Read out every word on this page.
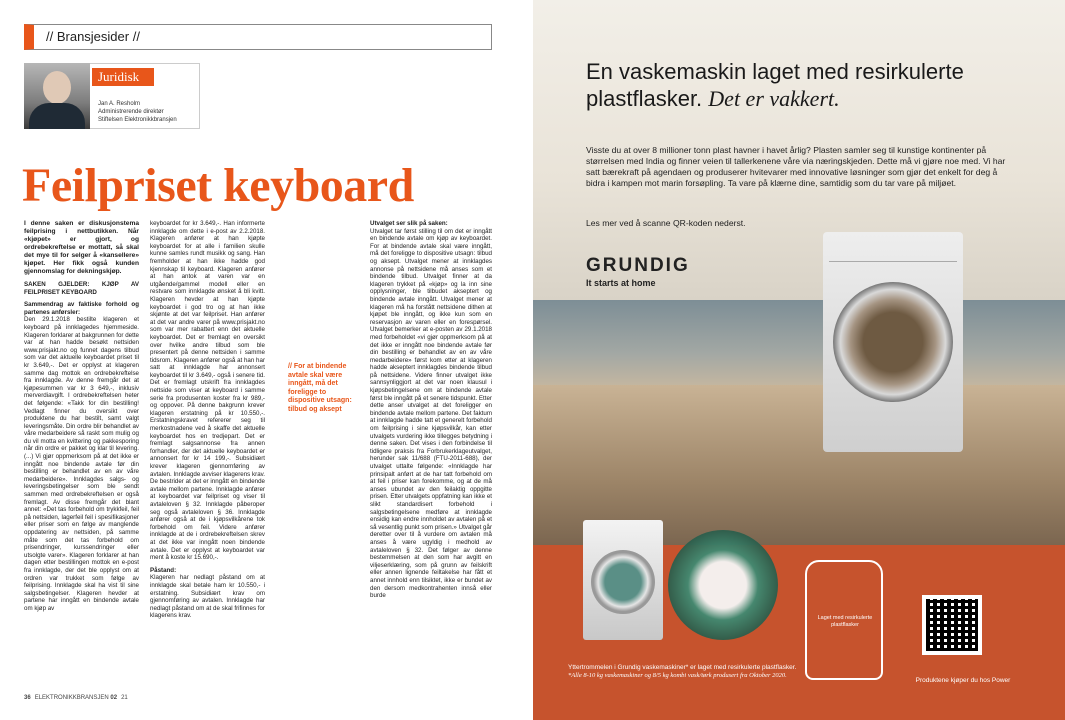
// Bransjesider //
Juridisk
Jan A. Resholm
Administrerende direktør
Stiftelsen Elektronikkbransjen
Feilpriset keyboard

I denne saken er diskusjonstema feilprising i nettbutikken. Når «kjøpet» er gjort, og ordrebekreftelse er mottatt, så skal det mye til for selger å «kansellere» kjøpet. Her fikk også kunden gjennomslag for dekningskjøp.

SAKEN GJELDER: KJØP AV FEILPRISET KEYBOARD

Sammendrag av faktiske forhold og partenes anførsler:

Den 29.1.2018 bestilte klageren et keyboard på innklagedes hjemmeside. Klageren forklarer at bakgrunnen for dette var at han hadde besøkt nettsiden www.prisjakt.no og funnet dagens tilbud som var det aktuelle keyboardet priset til kr 3.649,-. Det er opplyst at klageren samme dag mottok en ordrebekreftelse fra innklagde. Av denne fremgår det at kjøpesummen var kr 3 649,-, inklusiv merverdiavgift. I ordrebekreftelsen heter det følgende: «Takk for din bestilling! Vedlagt finner du oversikt over produktene du har bestilt, samt valgt leveringsmåte. Din ordre blir behandlet av våre medarbeidere så raskt som mulig og du vil motta en kvittering og pakkesporing når din ordre er pakket og klar til levering. (...) Vi gjør oppmerksom på at det ikke er inngått noe bindende avtale før din bestilling er behandlet av en av våre medarbeidere». Innklagdes salgs- og leveringsbetingelser som ble sendt sammen med ordrebekreftelsen er også fremlagt. Av disse fremgår det blant annet: «Det tas forbehold om trykkfeil, feil på nettsiden, lagerfeil feil i spesifikasjoner eller priser som en følge av manglende oppdatering av nettsiden, på samme måte som det tas forbehold om prisendringer, kurssendringer eller utsolgte varer». Klageren forklarer at han dagen etter bestillingen mottok en e-post fra innklagde, der det ble opplyst om at ordren var trukket som følge av feilprising. Innklagde skal ha vist til sine salgsbetingelser. Klageren hevder at partene har inngått en bindende avtale om kjøp av

keyboardet for kr 3.649,-. Han informerte innklagde om dette i e-post av 2.2.2018. Klageren anfører at han kjøpte keyboardet for at alle i familien skulle kunne samles rundt musikk og sang. Han fremholder at han ikke hadde god kjennskap til keyboard. Klageren anfører at han antok at varen var en utgående/gammel modell eller en restvare som innklagde ønsket å bli kvitt. Klageren hevder at han kjøpte keyboardet i god tro og at han ikke skjønte at det var feilpriset. Han anfører at det var andre varer på www.prisjakt.no som var mer rabattert enn det aktuelle keyboardet. Det er fremlagt en oversikt over hvilke andre tilbud som ble presentert på denne nettsiden i samme tidsrom. Klageren anfører også at han har satt at innklagde har annonsert keyboardet til kr 3.649,- også i senere tid. Det er fremlagt utskrift fra innklagdes nettside som viser at keyboard i samme serie fra produsenten koster fra kr 989,- og oppover. På denne bakgrunn krever klageren erstatning på kr 10.550,-. Erstatningskravet refererer seg til merkostnadene ved å skaffe det aktuelle keyboardet hos en tredjepart. Det er fremlagt salgsannonse fra annen forhandler, der det aktuelle keyboardet er annonsert for kr 14 199,-. Subsidiært krever klageren gjennomføring av avtalen. Innklagde avviser klagerens krav. De bestrider at det er inngått en bindende avtale mellom partene. Innklagde anfører at keyboardet var feilpriset og viser til avtaleloven § 32. Innklagde påberoper seg også avtaleloven § 36. Innklagde anfører også at de i kjøpsvilkårene tok forbehold om feil. Videre anfører innklagde at de i ordrebekreftelsen skrev at det ikke var inngått noen bindende avtale. Det er opplyst at keyboardet var ment å koste kr 15.690,-.

Påstand:

Klageren har nedlagt påstand om at innklagde skal betale ham kr 10.550,- i erstatning. Subsidiært krav om gjennomføring av avtalen. Innklagde har nedlagt påstand om at de skal frifinnes for klagerens krav.

// For at bindende avtale skal være inngått, må det foreligge to dispositive utsagn: tilbud og aksept

Utvalget ser slik på saken:

Utvalget tar først stilling til om det er inngått en bindende avtale om kjøp av keyboardet. For at bindende avtale skal være inngått, må det foreligge to dispositive utsagn: tilbud og aksept. Utvalget mener at innklagdes annonse på nettsidene må anses som et bindende tilbud. Utvalget finner at da klageren trykket på «kjøp» og la inn sine opplysninger, ble tilbudet akseptert og bindende avtale inngått. Utvalget mener at klageren må ha forstått nettsidene dithen at kjøpet ble inngått, og ikke kun som en reservasjon av varen eller en forespørsel. Utvalget bemerker at e-posten av 29.1.2018 med forbeholdet «vi gjør oppmerksom på at det ikke er inngått noe bindende avtale før din bestilling er behandlet av en av våre medarbeidere» først kom etter at klageren hadde akseptert innklagdes bindende tilbud på nettsidene. Videre finner utvalget ikke sannsynliggjort at det var noen klausul i kjøpsbetingelsene om at bindende avtale først ble inngått på et senere tidspunkt. Etter dette anser utvalget at det foreligger en bindende avtale mellom partene. Det faktum at innklagde hadde tatt et generelt forbehold om feilprising i sine kjøpsvilkår, kan etter utvalgets vurdering ikke tillegges betydning i denne saken. Det vises i den forbindelse til tidligere praksis fra Forbrukerklageutvalget, herunder sak 11/688 (FTU-2011-688), der utvalget uttalte følgende: «Innklagde har prinsipalt anført at de har tatt forbehold om at feil i priser kan forekomme, og at de må anses ubundet av den feilaktig oppgitte prisen. Etter utvalgets oppfatning kan ikke et slikt standardisert forbehold i salgsbetingelsene medføre at innklagde ensidig kan endre innholdet av avtalen på et så vesentlig punkt som prisen.» Utvalget går deretter over til å vurdere om avtalen må anses å være ugyldig i medhold av avtaleloven § 32. Det følger av denne bestemmelsen at den som har avgitt en viljeserklæring, som på grunn av feilskrift eller annen lignende feiltakelse har fått et annet innhold enn tilsiktet, ikke er bundet av den dersom medkontrahenten innså eller burde

36 ELEKTRONIKKBRANSJEN 02 21
En vaskemaskin laget med resirkulerte plastflasker. Det er vakkert.
Visste du at over 8 millioner tonn plast havner i havet årlig? Plasten samler seg til kunstige kontinenter på størrelsen med India og finner veien til tallerkenene våre via næringskjeden. Dette må vi gjøre noe med. Vi har satt bærekraft på agendaen og produserer hvitevarer med innovative løsninger som gjør det enkelt for deg å bidra i kampen mot marin forsøpling. Ta vare på klærne dine, samtidig som du tar vare på miljøet.
Les mer ved å scanne QR-koden nederst.
GRUNDIG
It starts at home
Laget med resirkulerte plastflasker
Produktene kjøper du hos Power
Yttertrommelen i Grundig vaskemaskiner* er laget med resirkulerte plastflasker.
*Alle 8-10 kg vaskemaskiner og 8/5 kg kombi vask/tørk produsert fra Oktober 2020.
